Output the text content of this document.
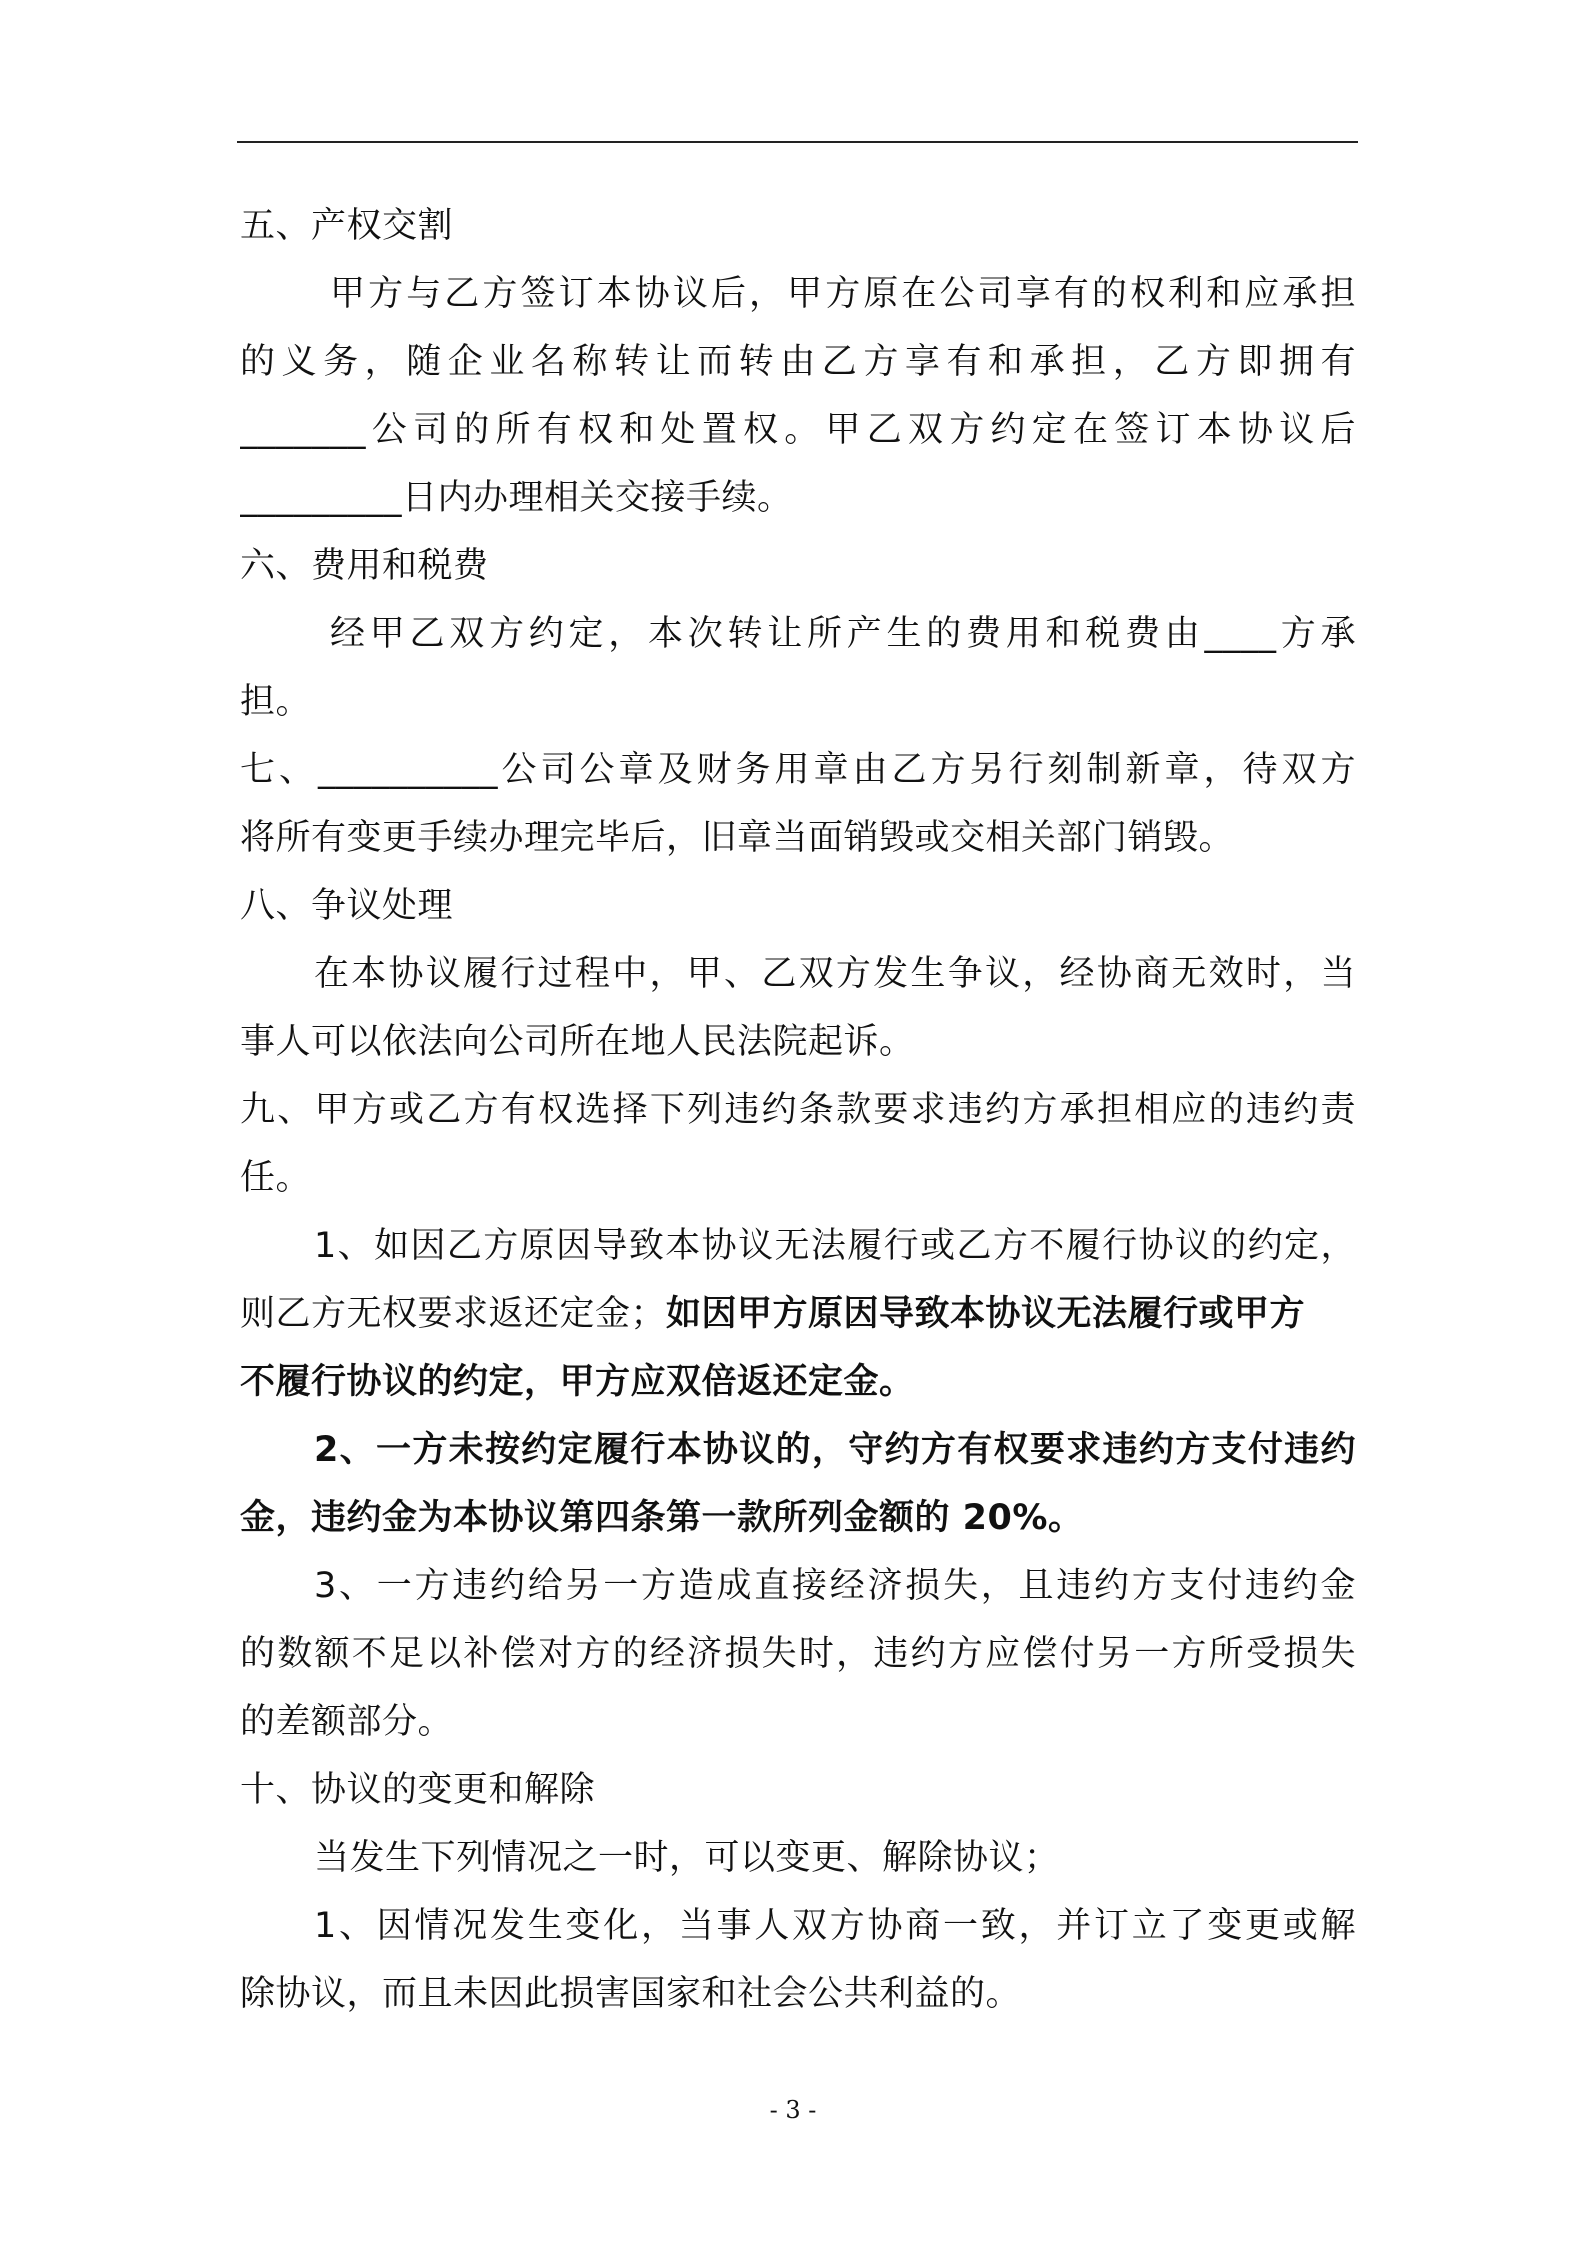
五、产权交割
甲方与乙方签订本协议后，甲方原在公司享有的权利和应承担
的义务，随企业名称转让而转由乙方享有和承担，乙方即拥有
_______公司的所有权和处置权。甲乙双方约定在签订本协议后
_________日内办理相关交接手续。
六、费用和税费
经甲乙双方约定，本次转让所产生的费用和税费由____方承
担。
七、__________公司公章及财务用章由乙方另行刻制新章，待双方
将所有变更手续办理完毕后，旧章当面销毁或交相关部门销毁。
八、争议处理
在本协议履行过程中，甲、乙双方发生争议，经协商无效时，当
事人可以依法向公司所在地人民法院起诉。
九、甲方或乙方有权选择下列违约条款要求违约方承担相应的违约责
任。
1、如因乙方原因导致本协议无法履行或乙方不履行协议的约定，
则乙方无权要求返还定金；如因甲方原因导致本协议无法履行或甲方
不履行协议的约定，甲方应双倍返还定金。
2、一方未按约定履行本协议的，守约方有权要求违约方支付违约
金，违约金为本协议第四条第一款所列金额的 20%。
3、一方违约给另一方造成直接经济损失，且违约方支付违约金
的数额不足以补偿对方的经济损失时，违约方应偿付另一方所受损失
的差额部分。
十、协议的变更和解除
当发生下列情况之一时，可以变更、解除协议；
1、因情况发生变化，当事人双方协商一致，并订立了变更或解
除协议，而且未因此损害国家和社会公共利益的。
- 3 -
